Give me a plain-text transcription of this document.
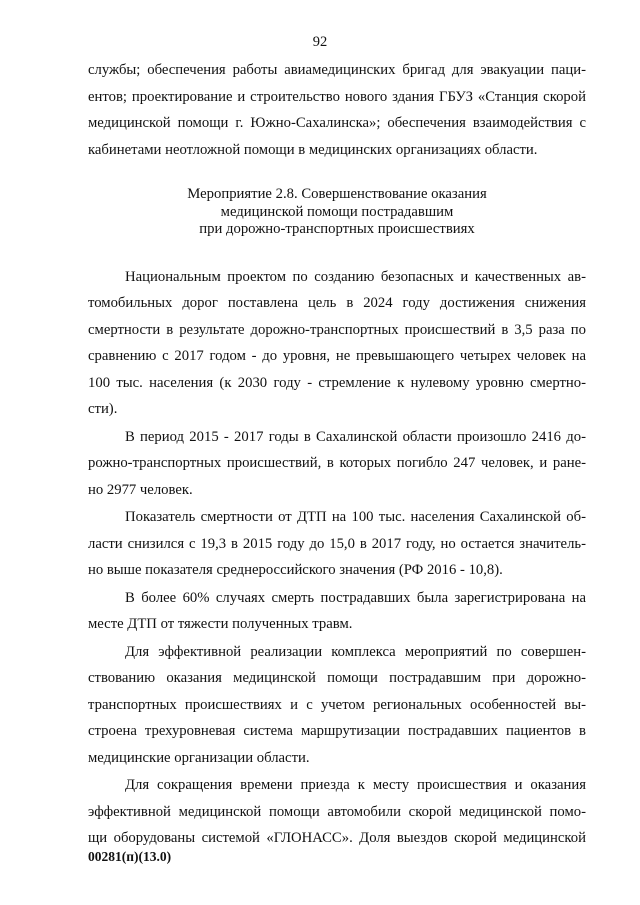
92
службы; обеспечения работы авиамедицинских бригад для эвакуации паци-
ентов; проектирование и строительство нового здания ГБУЗ «Станция скорой
медицинской помощи г. Южно-Сахалинска»; обеспечения взаимодействия с
кабинетами неотложной помощи в медицинских организациях области.
Мероприятие 2.8. Совершенствование оказания
медицинской помощи пострадавшим
при дорожно-транспортных происшествиях
Национальным проектом по созданию безопасных и качественных ав-
томобильных дорог поставлена цель в 2024 году достижения снижения
смертности в результате дорожно-транспортных происшествий в 3,5 раза по
сравнению с 2017 годом - до уровня, не превышающего четырех человек на
100 тыс. населения (к 2030 году - стремление к нулевому уровню смертно-
сти).
В период 2015 - 2017 годы в Сахалинской области произошло 2416 до-
рожно-транспортных происшествий, в которых погибло 247 человек, и ране-
но 2977 человек.
Показатель смертности от ДТП на 100 тыс. населения Сахалинской об-
ласти снизился с 19,3 в 2015 году до 15,0 в 2017 году, но остается значитель-
но выше показателя среднероссийского значения (РФ 2016 - 10,8).
В более 60% случаях смерть пострадавших была зарегистрирована на
месте ДТП от тяжести полученных травм.
Для эффективной реализации комплекса мероприятий по совершен-
ствованию оказания медицинской помощи пострадавшим при дорожно-
транспортных происшествиях и с учетом региональных особенностей вы-
строена трехуровневая система маршрутизации пострадавших пациентов в
медицинские организации области.
Для сокращения времени приезда к месту происшествия и оказания
эффективной медицинской помощи автомобили скорой медицинской помо-
щи оборудованы системой «ГЛОНАСС». Доля выездов скорой медицинской
00281(п)(13.0)
